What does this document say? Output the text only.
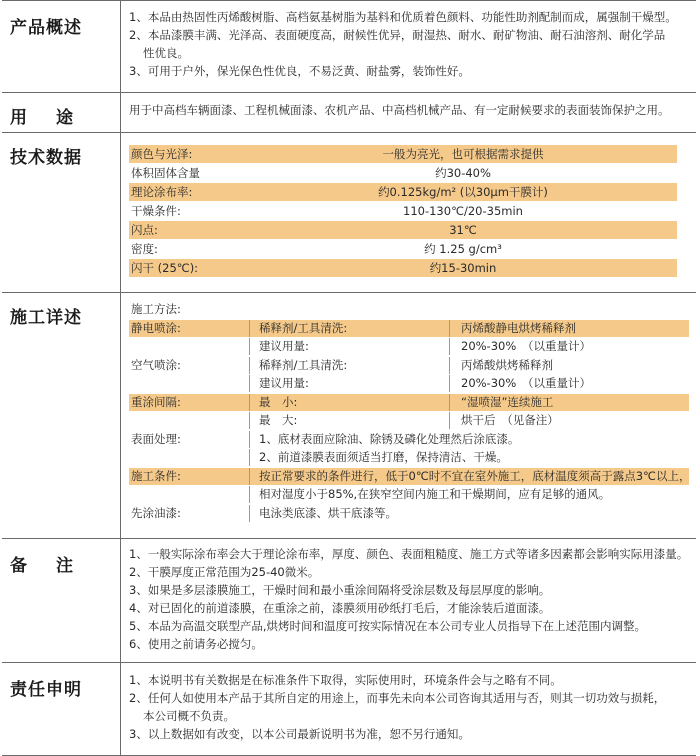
产品概述
1、本品由热固性丙烯酸树脂、高档氨基树脂为基料和优质着色颜料、功能性助剂配制而成，属强制干燥型。
2、本品漆膜丰满、光泽高、表面硬度高，耐候性优异，耐湿热、耐水、耐矿物油、耐石油溶剂、耐化学品
性优良。
3、可用于户外，保光保色性优良，不易泛黄、耐盐雾，装饰性好。
用　途	用于中高档车辆面漆、工程机械面漆、农机产品、中高档机械产品、有一定耐候要求的表面装饰保护之用。
技术数据	颜色与光泽:	一般为亮光，也可根据需求提供
体积固体含量	约30-40%
理论涂布率:	约0.125kg/m² (以30μm干膜计)
干燥条件:	110-130℃/20-35min
闪点:	31℃
密度:	约 1.25 g/cm³
闪干 (25℃):	约15-30min
施工详述	施工方法:
静电喷涂:	稀释剂/工具清洗:	丙烯酸静电烘烤稀释剂
建议用量:	20%-30%　（以重量计）
空气喷涂:	稀释剂/工具清洗:	丙烯酸烘烤稀释剂
建议用量:	20%-30%　（以重量计）
重涂间隔:	最　小:	“湿喷湿”连续施工
最　大:	烘干后　（见备注）
表面处理:	1、底材表面应除油、除锈及磷化处理然后涂底漆。
2、前道漆膜表面须适当打磨，保持清洁、干燥。
施工条件:	按正常要求的条件进行，低于0℃时不宜在室外施工，底材温度须高于露点3℃以上，
相对湿度小于85%,在狭窄空间内施工和干燥期间，应有足够的通风。
先涂油漆:	电泳类底漆、烘干底漆等。
备　注
1、一般实际涂布率会大于理论涂布率，厚度、颜色、表面粗糙度、施工方式等诸多因素都会影响实际用漆量。
2、干膜厚度正常范围为25-40微米。
3、如果是多层漆膜施工，干燥时间和最小重涂间隔将受涂层数及每层厚度的影响。
4、对已固化的前道漆膜，在重涂之前，漆膜须用砂纸打毛后，才能涂装后道面漆。
5、本品为高温交联型产品,烘烤时间和温度可按实际情况在本公司专业人员指导下在上述范围内调整。
6、使用之前请务必搅匀。
责任申明	1、本说明书有关数据是在标准条件下取得，实际使用时，环境条件会与之略有不同。
2、任何人如使用本产品于其所自定的用途上，而事先未向本公司咨询其适用与否，则其一切功效与损耗，
本公司概不负责。
3、以上数据如有改变，以本公司最新说明书为准，恕不另行通知。
